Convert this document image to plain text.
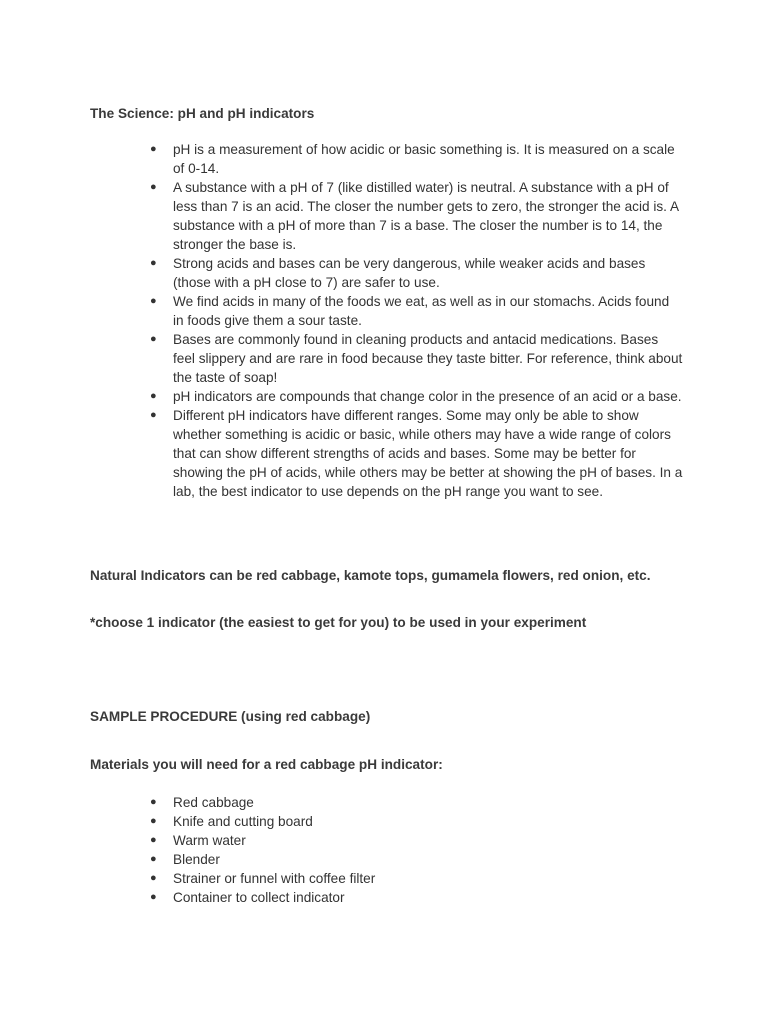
The Science: pH and pH indicators
● pH is a measurement of how acidic or basic something is. It is measured on a scale of 0-14.
● A substance with a pH of 7 (like distilled water) is neutral. A substance with a pH of less than 7 is an acid. The closer the number gets to zero, the stronger the acid is. A substance with a pH of more than 7 is a base. The closer the number is to 14, the stronger the base is.
● Strong acids and bases can be very dangerous, while weaker acids and bases (those with a pH close to 7) are safer to use.
● We find acids in many of the foods we eat, as well as in our stomachs. Acids found in foods give them a sour taste.
● Bases are commonly found in cleaning products and antacid medications. Bases feel slippery and are rare in food because they taste bitter. For reference, think about the taste of soap!
● pH indicators are compounds that change color in the presence of an acid or a base.
● Different pH indicators have different ranges. Some may only be able to show whether something is acidic or basic, while others may have a wide range of colors that can show different strengths of acids and bases. Some may be better for showing the pH of acids, while others may be better at showing the pH of bases. In a lab, the best indicator to use depends on the pH range you want to see.
Natural Indicators can be red cabbage, kamote tops, gumamela flowers, red onion, etc.
*choose 1 indicator (the easiest to get for you) to be used in your experiment
SAMPLE PROCEDURE (using red cabbage)
Materials you will need for a red cabbage pH indicator:
● Red cabbage
● Knife and cutting board
● Warm water
● Blender
● Strainer or funnel with coffee filter
● Container to collect indicator
